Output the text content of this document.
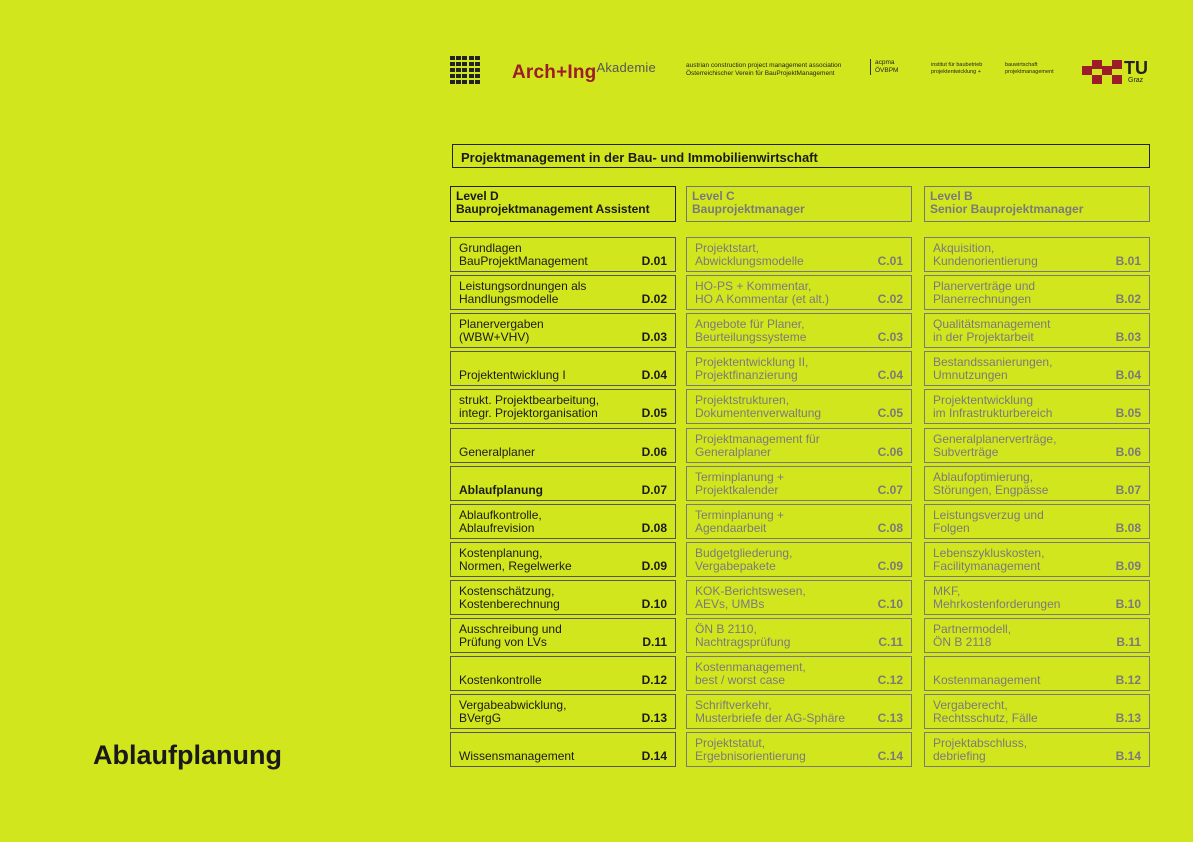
Arch+Ing$^{Akademie}$	austrian construction project management association
Österreichischer Verein für BauProjektManagement
acpma
ÖVBPM
institut für baubetrieb
projektentwicklung +
bauwirtschaft
projektmanagement	TU
Graz
Projektmanagement in der Bau- und Immobilienwirtschaft
Level D
Bauprojektmanagement Assistent
Grundlagen
BauProjektManagement	D.01
Leistungsordnungen als
Handlungsmodelle	D.02
Planervergaben
(WBW+VHV)	D.03
Projektentwicklung I	D.04
strukt. Projektbearbeitung,
integr. Projektorganisation	D.05
Generalplaner	D.06
Ablaufplanung	D.07
Ablaufkontrolle,
Ablaufrevision	D.08
Kostenplanung,
Normen, Regelwerke	D.09
Kostenschätzung,
Kostenberechnung	D.10
Ausschreibung und
Prüfung von LVs	D.11
Kostenkontrolle	D.12
Vergabeabwicklung,
BVergG	D.13
Wissensmanagement	D.14
Level C
Bauprojektmanager
Projektstart,
Abwicklungsmodelle	C.01
HO-PS + Kommentar,
HO A Kommentar (et alt.)	C.02
Angebote für Planer,
Beurteilungssysteme	C.03
Projektentwicklung II,
Projektfinanzierung	C.04
Projektstrukturen,
Dokumentenverwaltung	C.05
Projektmanagement für
Generalplaner	C.06
Terminplanung +
Projektkalender	C.07
Terminplanung +
Agendaarbeit	C.08
Budgetgliederung,
Vergabepakete	C.09
KOK-Berichtswesen,
AEVs, UMBs	C.10
ÖN B 2110,
Nachtragsprüfung	C.11
Kostenmanagement,
best / worst case	C.12
Schriftverkehr,
Musterbriefe der AG-Sphäre	C.13
Projektstatut,
Ergebnisorientierung	C.14
Level B
Senior Bauprojektmanager
Akquisition,
Kundenorientierung	B.01
Planerverträge und
Planerrechnungen	B.02
Qualitätsmanagement
in der Projektarbeit	B.03
Bestandssanierungen,
Umnutzungen	B.04
Projektentwicklung
im Infrastrukturbereich	B.05
Generalplanerverträge,
Subverträge	B.06
Ablaufoptimierung,
Störungen, Engpässe	B.07
Leistungsverzug und
Folgen	B.08
Lebenszykluskosten,
Facilitymanagement	B.09
MKF,
Mehrkostenforderungen	B.10
Partnermodell,
ÖN B 2118	B.11
Kostenmanagement	B.12
Vergaberecht,
Rechtsschutz, Fälle	B.13
Projektabschluss,
debriefing	B.14
Ablaufplanung
